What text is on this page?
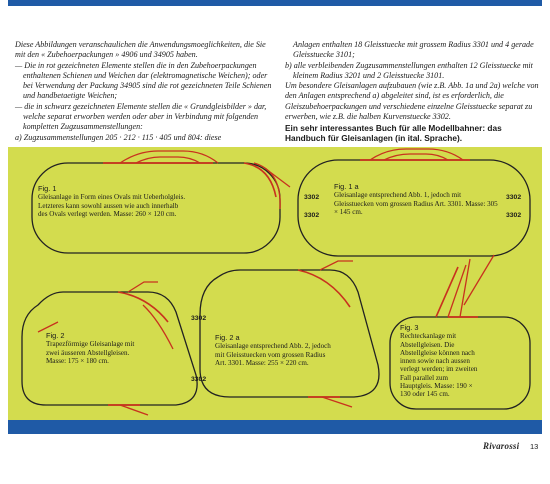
Diese Abbildungen veranschaulichen die Anwendungsmoeglichkeiten, die Sie mit den « Zubehoerpackungen » 4906 und 34905 haben.

— Die in rot gezeichneten Elemente stellen die in den Zubehoerpackungen enthaltenen Schienen und Weichen dar (elektromagnetische Weichen); oder bei Verwendung der Packung 34905 sind die rot gezeichneten Teile Schienen und handbetaetigte Weichen;

— die in schwarz gezeichneten Elemente stellen die « Grundgleisbilder » dar, welche separat erworben werden oder aber in Verbindung mit folgenden kompletten Zugzusammenstellungen:

a) Zugzusammenstellungen 205 · 212 · 115 · 405 und 804: diese

Anlagen enthalten 18 Gleisstuecke mit grossem Radius 3301 und 4 gerade Gleisstuecke 3101;

b) alle verbleibenden Zugzusammenstellungen enthalten 12 Gleisstuecke mit kleinem Radius 3201 und 2 Gleisstuecke 3101.

Um besondere Gleisanlagen aufzubauen (wie z.B. Abb. 1a und 2a) welche von den Anlagen entsprechend a) abgeleitet sind, ist es erforderlich, die Gleiszubehoerpackungen und verschiedene einzelne Gleisstuecke separat zu erwerben, wie z.B. die halben Kurvenstuecke 3302.

Ein sehr interessantes Buch für alle Modellbahner: das Handbuch für Gleisanlagen (in ital. Sprache).

Fig. 1
Gleisanlage in Form eines Ovals mit Ueberholgleis. Letzteres kann sowohl aussen wie auch innerhalb des Ovals verlegt werden. Masse: 260 × 120 cm.
Fig. 1 a
Gleisanlage entsprechend Abb. 1, jedoch mit Gleisstuecken vom grossen Radius Art. 3301. Masse: 305 × 145 cm.
Fig. 2
Trapezförmige Gleisanlage mit zwei äusseren Abstellgleisen. Masse: 175 × 180 cm.
Fig. 2 a
Gleisanlage entsprechend Abb. 2, jedoch mit Gleisstuecken vom grossen Radius Art. 3301. Masse: 255 × 220 cm.
Fig. 3
Rechteckanlage mit Abstellgleisen. Die Abstellgleise können nach innen sowie nach aussen verlegt werden; im zweiten Fall parallel zum Hauptgleis. Masse: 190 × 130 oder 145 cm.
3302	3302
3302	3302
3302
3302
Rivarossi 13
